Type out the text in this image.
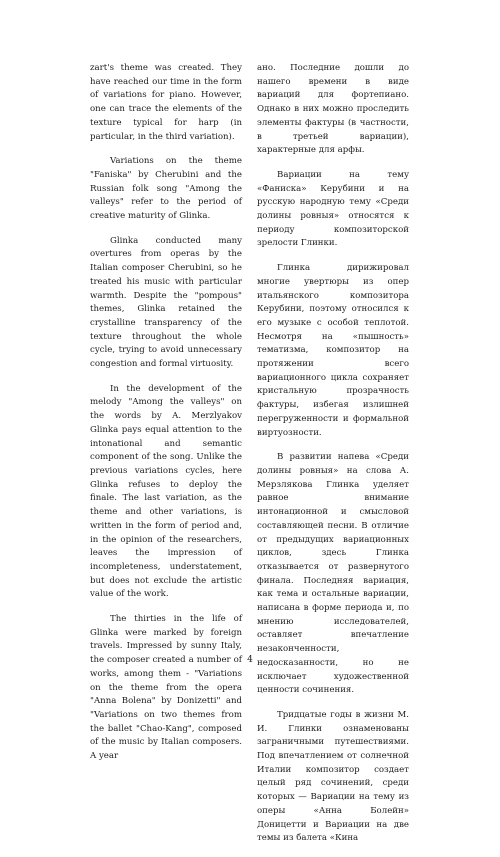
zart's theme was created. They have reached our time in the form of variations for piano. However, one can trace the elements of the texture typical for harp (in particular, in the third variation).

Variations on the theme "Faniska" by Cherubini and the Russian folk song "Among the valleys" refer to the period of creative maturity of Glinka.

Glinka conducted many overtures from operas by the Italian composer Cherubini, so he treated his music with particular warmth. Despite the "pompous" themes, Glinka retained the crystalline transparency of the texture throughout the whole cycle, trying to avoid unnecessary congestion and formal virtuosity.

In the development of the melody "Among the valleys" on the words by A. Merzlyakov Glinka pays equal attention to the intonational and semantic component of the song. Unlike the previous variations cycles, here Glinka refuses to deploy the finale. The last variation, as the theme and other variations, is written in the form of period and, in the opinion of the researchers, leaves the impression of incompleteness, understatement, but does not exclude the artistic value of the work.

The thirties in the life of Glinka were marked by foreign travels. Impressed by sunny Italy, the composer created a number of works, among them - "Variations on the theme from the opera "Anna Bolena" by Donizetti" and "Variations on two themes from the ballet "Chao-Kang", composed of the music by Italian composers. A year

ано. Последние дошли до нашего времени в виде вариаций для фортепиано. Однако в них можно проследить элементы фактуры (в частности, в третьей вариации), характерные для арфы.

Вариации на тему «Фаниска» Керубини и на русскую народную тему «Среди долины ровныя» относятся к периоду композиторской зрелости Глинки.

Глинка дирижировал многие увертюры из опер итальянского композитора Керубини, поэтому относился к его музыке с особой теплотой. Несмотря на «пышность» тематизма, композитор на протяжении всего вариационного цикла сохраняет кристальную прозрачность фактуры, избегая излишней перегруженности и формальной виртуозности.

В развитии напева «Среди долины ровныя» на слова А. Мерзлякова Глинка уделяет равное внимание интонационной и смысловой составляющей песни. В отличие от предыдущих вариационных циклов, здесь Глинка отказывается от развернутого финала. Последняя вариация, как тема и остальные вариации, написана в форме периода и, по мнению исследователей, оставляет впечатление незаконченности, недосказанности, но не исключает художественной ценности сочинения.

Тридцатые годы в жизни М. И. Глинки ознаменованы заграничными путешествиями. Под впечатлением от солнечной Италии композитор создает целый ряд сочинений, среди которых — Вариации на тему из оперы «Анна Болейн» Доницетти и Вариации на две темы из балета «Кина

4
